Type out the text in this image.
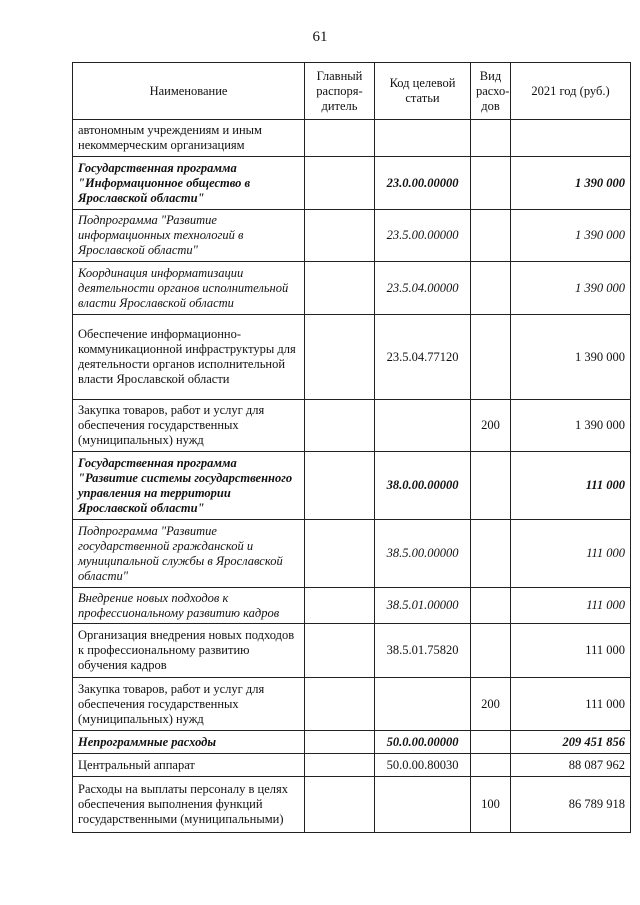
61
Наименование	Главный распоря-дитель	Код целевой статьи	Вид расхо-дов	2021 год (руб.)
автономным учреждениям и иным некоммерческим организациям				
Государственная программа "Информационное общество в Ярославской области"		23.0.00.00000		1 390 000
Подпрограмма "Развитие информационных технологий в Ярославской области"		23.5.00.00000		1 390 000
Координация информатизации деятельности органов исполнительной власти Ярославской области		23.5.04.00000		1 390 000
Обеспечение информационно-коммуникационной инфраструктуры для деятельности органов исполнительной власти Ярославской области		23.5.04.77120		1 390 000
Закупка товаров, работ и услуг для обеспечения государственных (муниципальных) нужд			200	1 390 000
Государственная программа "Развитие системы государственного управления на территории Ярославской области"		38.0.00.00000		111 000
Подпрограмма "Развитие государственной гражданской и муниципальной службы в Ярославской области"		38.5.00.00000		111 000
Внедрение новых подходов к профессиональному развитию кадров		38.5.01.00000		111 000
Организация внедрения новых подходов к профессиональному развитию обучения кадров		38.5.01.75820		111 000
Закупка товаров, работ и услуг для обеспечения государственных (муниципальных) нужд			200	111 000
Непрограммные расходы		50.0.00.00000		209 451 856
Центральный аппарат		50.0.00.80030		88 087 962
Расходы на выплаты персоналу в целях обеспечения выполнения функций государственными (муниципальными)			100	86 789 918
